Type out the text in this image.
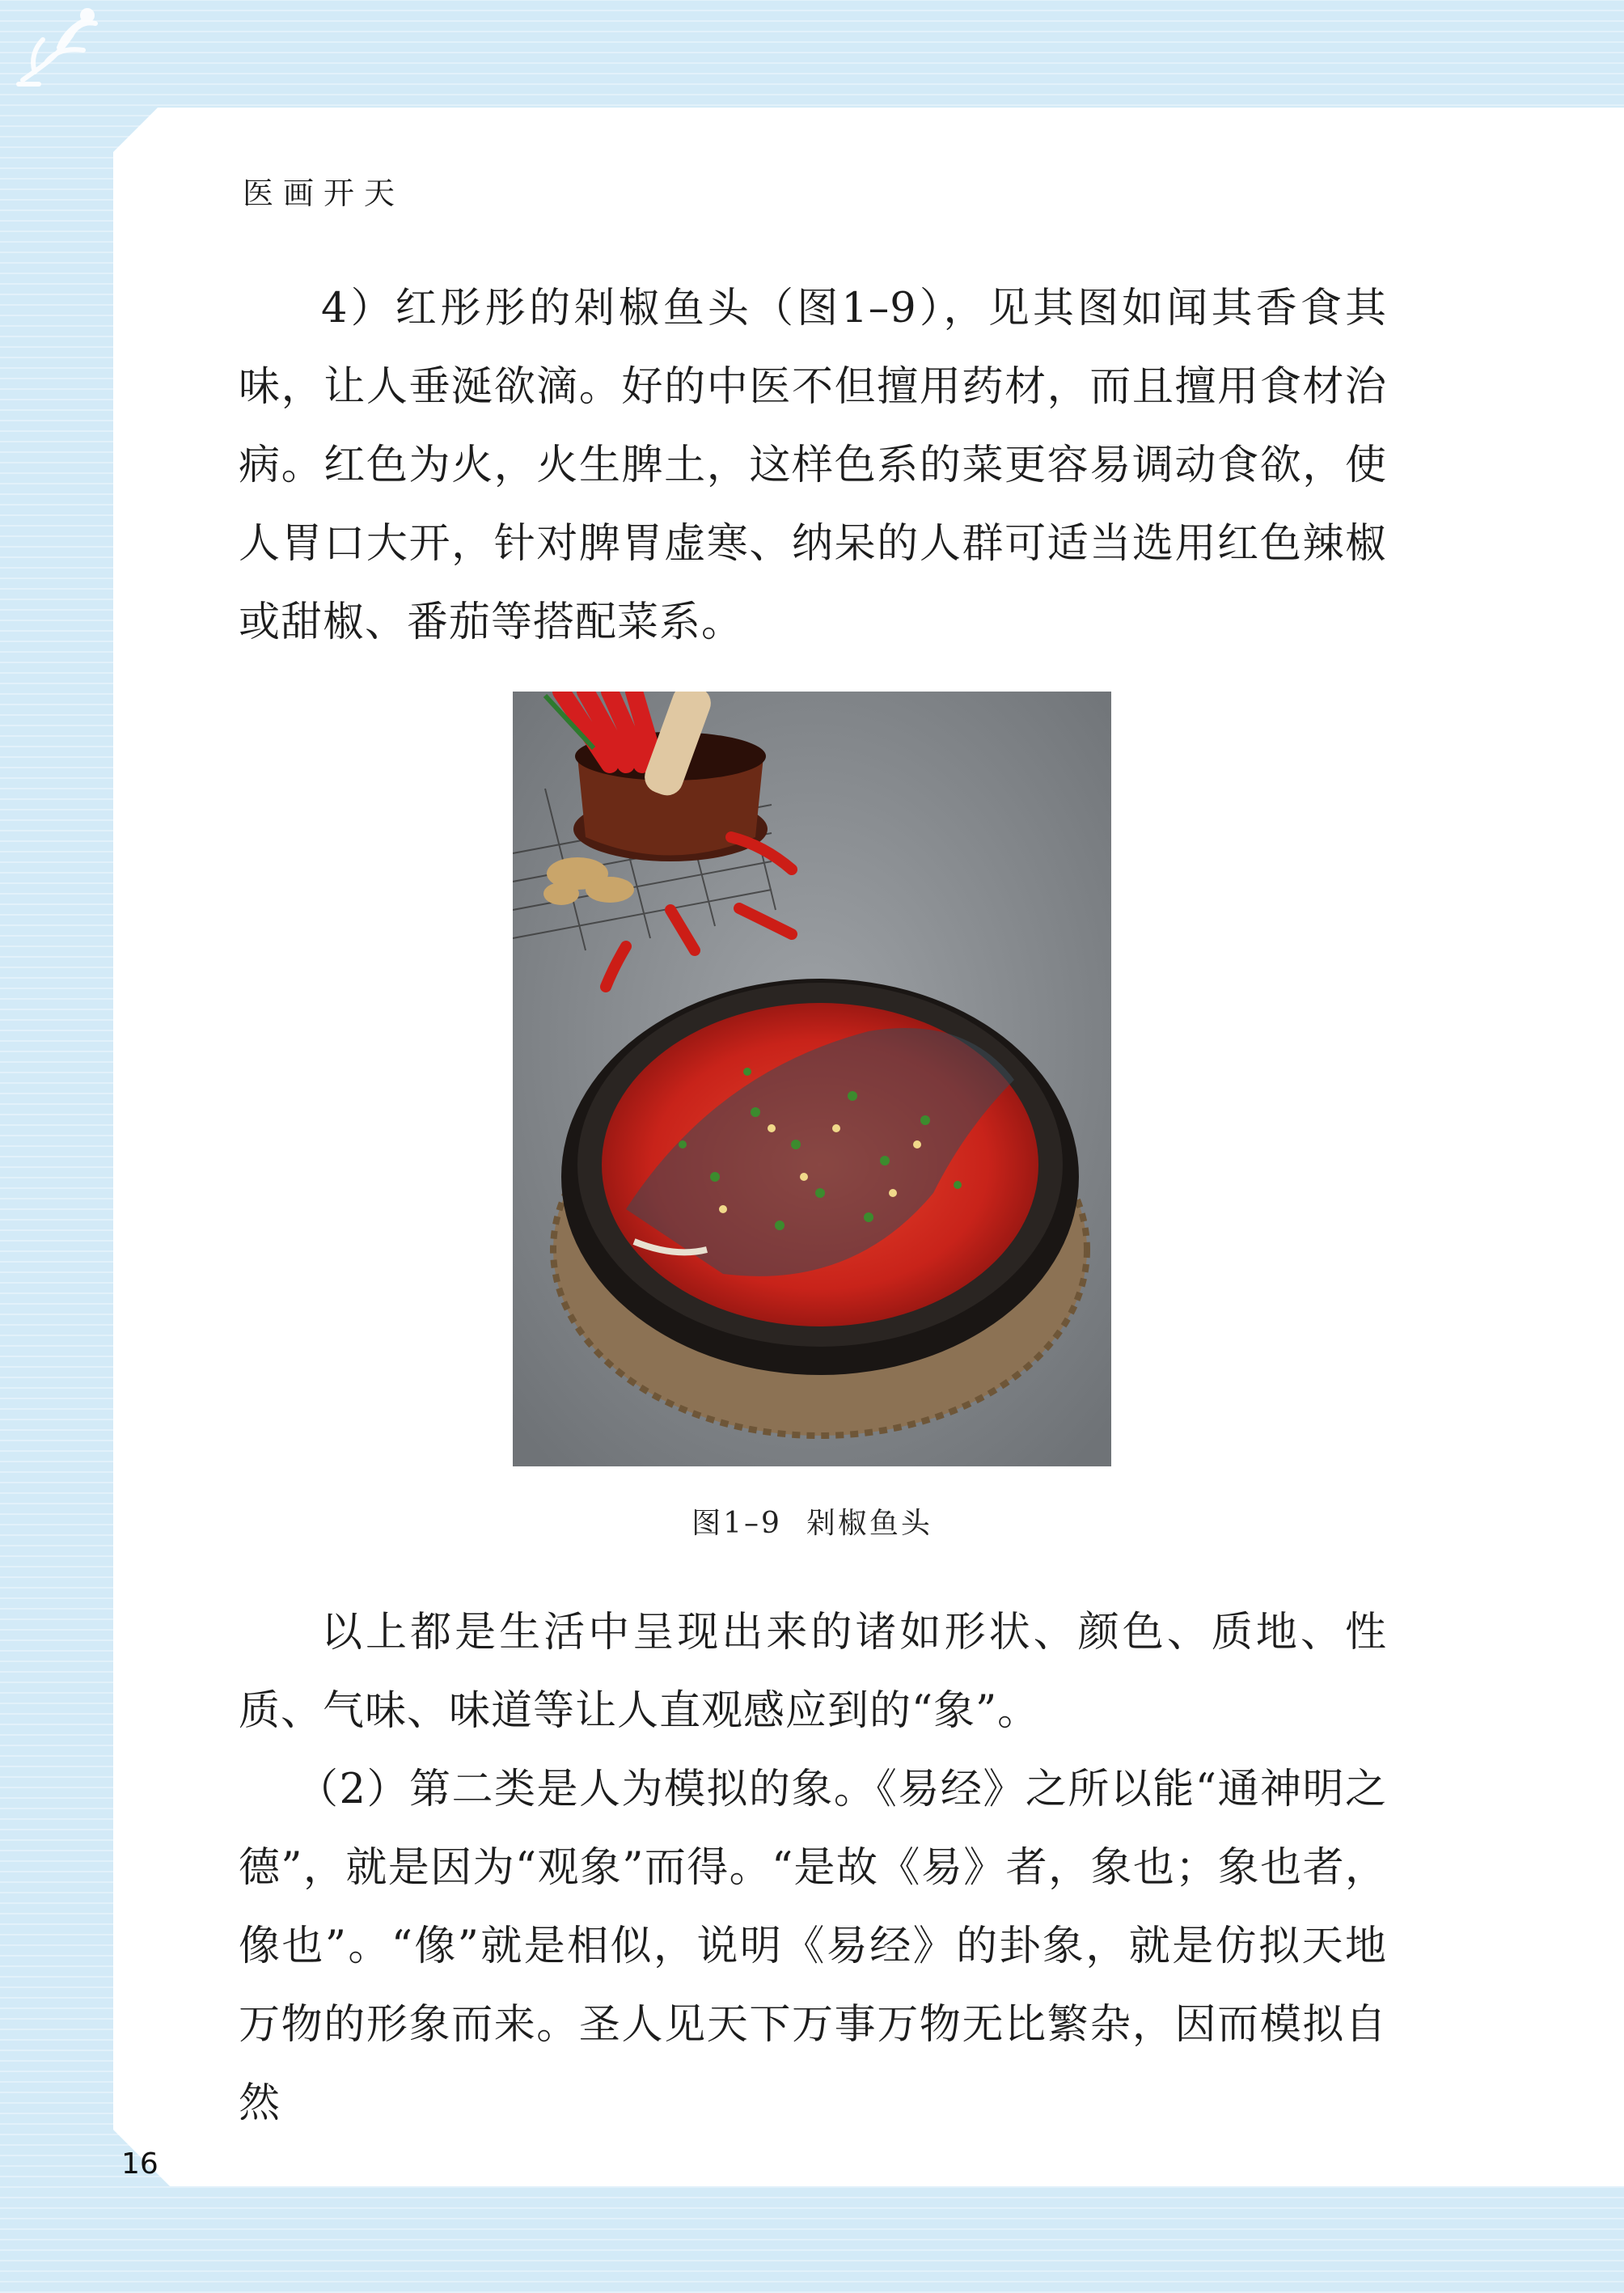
医画开天

4）红彤彤的剁椒鱼头（图1–9），见其图如闻其香食其味，让人垂涎欲滴。好的中医不但擅用药材，而且擅用食材治病。红色为火，火生脾土，这样色系的菜更容易调动食欲，使人胃口大开，针对脾胃虚寒、纳呆的人群可适当选用红色辣椒或甜椒、番茄等搭配菜系。

图1–9 剁椒鱼头

以上都是生活中呈现出来的诸如形状、颜色、质地、性质、气味、味道等让人直观感应到的“象”。

（2）第二类是人为模拟的象。《易经》之所以能“通神明之德”，就是因为“观象”而得。“是故《易》者，象也；象也者，像也”。“像”就是相似，说明《易经》的卦象，就是仿拟天地万物的形象而来。圣人见天下万事万物无比繁杂，因而模拟自然

16
